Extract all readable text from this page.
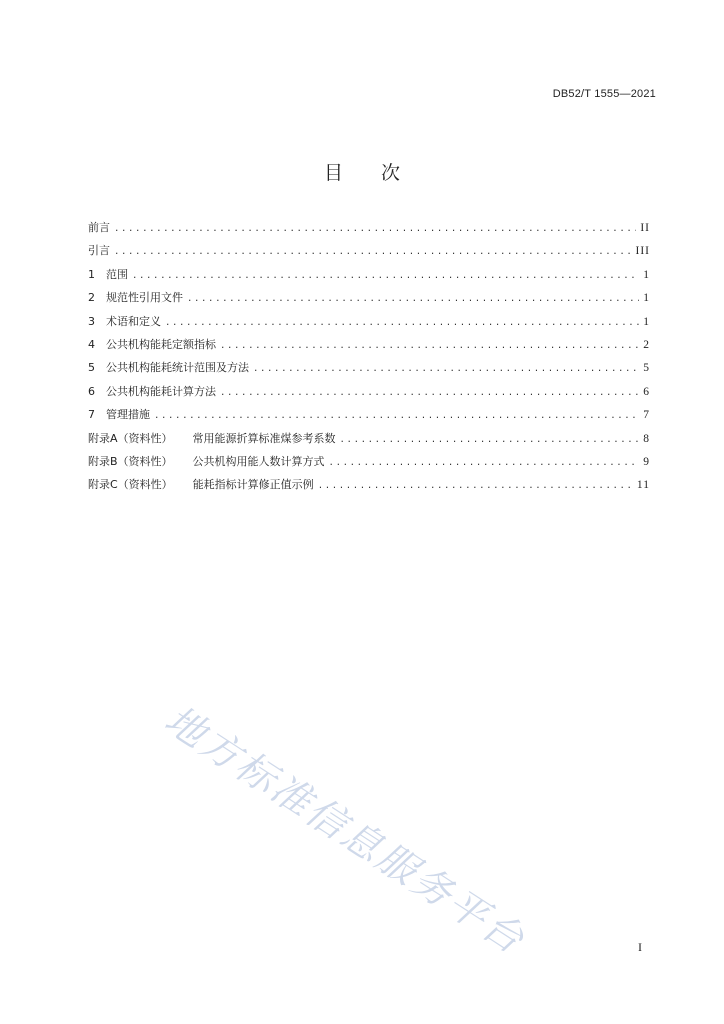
DB52/T 1555—2021
目 次
前言 .....	II
引言 .....	III
1 范围 .....	1
2 规范性引用文件 .....	1
3 术语和定义 .....	1
4 公共机构能耗定额指标 .....	2
5 公共机构能耗统计范围及方法 .....	5
6 公共机构能耗计算方法 .....	6
7 管理措施 .....	7
附录A（资料性） 常用能源折算标准煤参考系数 .....	8
附录B（资料性） 公共机构用能人数计算方式 .....	9
附录C（资料性） 能耗指标计算修正值示例 .....	11
地方标准信息服务平台	I
